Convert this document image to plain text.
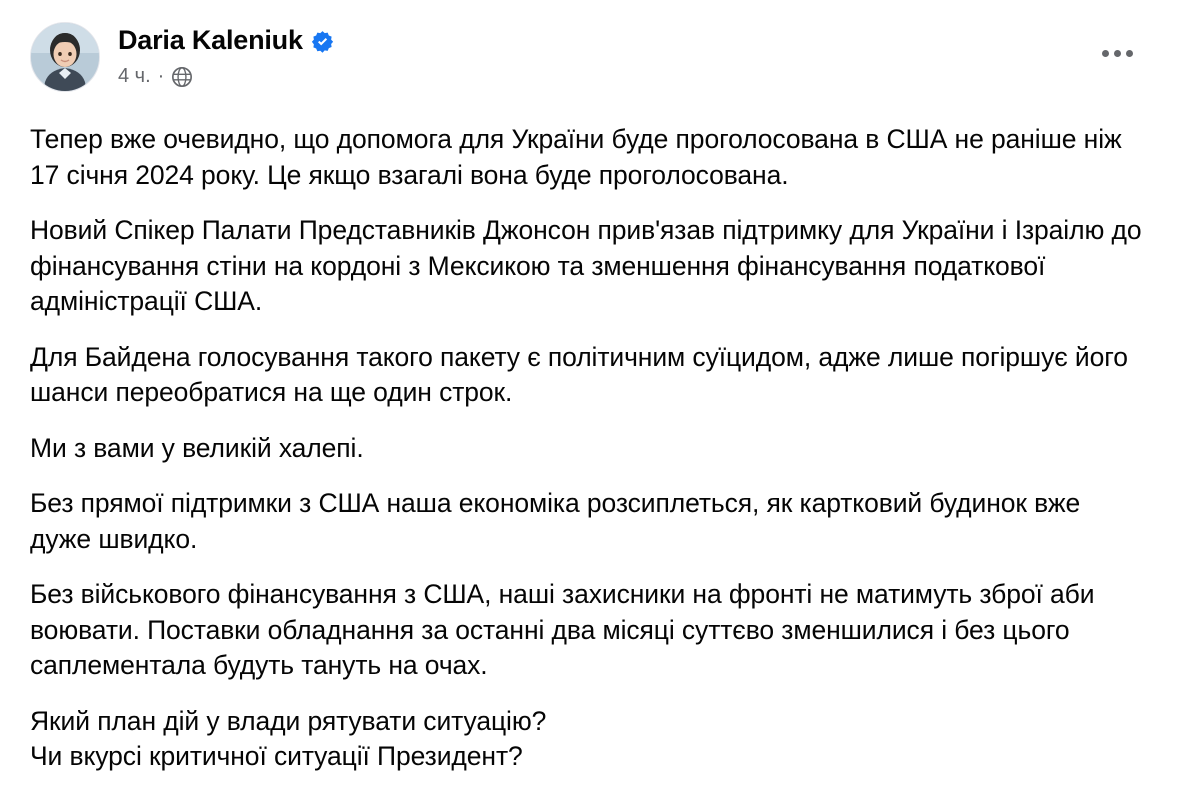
Daria Kaleniuk
4 ч. ·

Тепер вже очевидно, що допомога для України буде проголосована в США не раніше ніж 17 січня 2024 року. Це якщо взагалі вона буде проголосована.

Новий Спікер Палати Представників Джонсон прив'язав підтримку для України і Ізраілю до фінансування стіни на кордоні з Мексикою та зменшення фінансування податкової адміністрації США.

Для Байдена голосування такого пакету є політичним суїцидом, адже лише погіршує його шанси переобратися на ще один строк.

Ми з вами у великій халепі.

Без прямої підтримки з США наша економіка розсиплеться, як картковий будинок вже дуже швидко.

Без військового фінансування з США, наші захисники на фронті не матимуть зброї аби воювати. Поставки обладнання за останні два місяці суттєво зменшилися і без цього саплементала будуть тануть на очах.

Який план дій у влади рятувати ситуацію?
Чи вкурсі критичної ситуації Президент?
